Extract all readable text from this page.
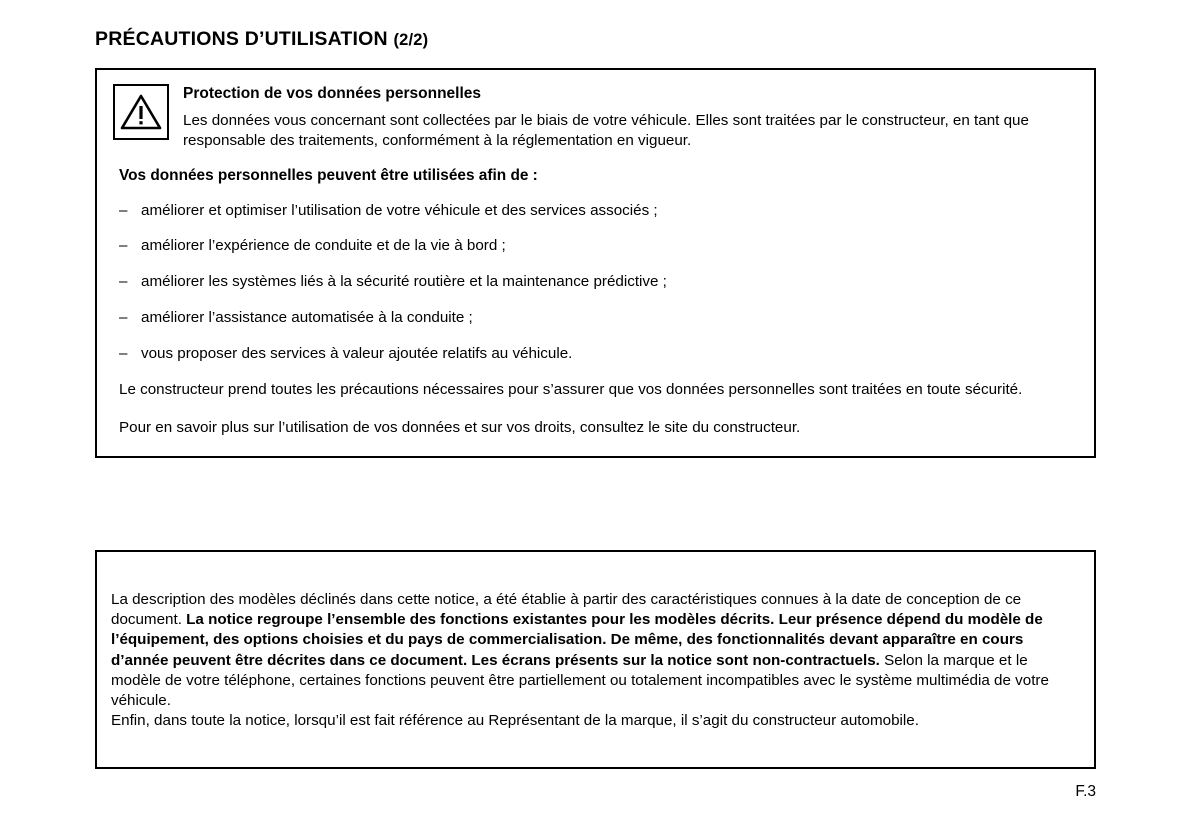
PRÉCAUTIONS D’UTILISATION (2/2)
Protection de vos données personnelles

Les données vous concernant sont collectées par le biais de votre véhicule. Elles sont traitées par le constructeur, en tant que responsable des traitements, conformément à la réglementation en vigueur.

Vos données personnelles peuvent être utilisées afin de :

– améliorer et optimiser l’utilisation de votre véhicule et des services associés ;
– améliorer l’expérience de conduite et de la vie à bord ;
– améliorer les systèmes liés à la sécurité routière et la maintenance prédictive ;
– améliorer l’assistance automatisée à la conduite ;
– vous proposer des services à valeur ajoutée relatifs au véhicule.

Le constructeur prend toutes les précautions nécessaires pour s’assurer que vos données personnelles sont traitées en toute sécurité.

Pour en savoir plus sur l’utilisation de vos données et sur vos droits, consultez le site du constructeur.

La description des modèles déclinés dans cette notice, a été établie à partir des caractéristiques connues à la date de conception de ce document. La notice regroupe l’ensemble des fonctions existantes pour les modèles décrits. Leur présence dépend du modèle de l’équipement, des options choisies et du pays de commercialisation. De même, des fonctionnalités devant apparaître en cours d’année peuvent être décrites dans ce document. Les écrans présents sur la notice sont non-contractuels. Selon la marque et le modèle de votre téléphone, certaines fonctions peuvent être partiellement ou totalement incompatibles avec le système multimédia de votre véhicule.

Enfin, dans toute la notice, lorsqu’il est fait référence au Représentant de la marque, il s’agit du constructeur automobile.

F.3
